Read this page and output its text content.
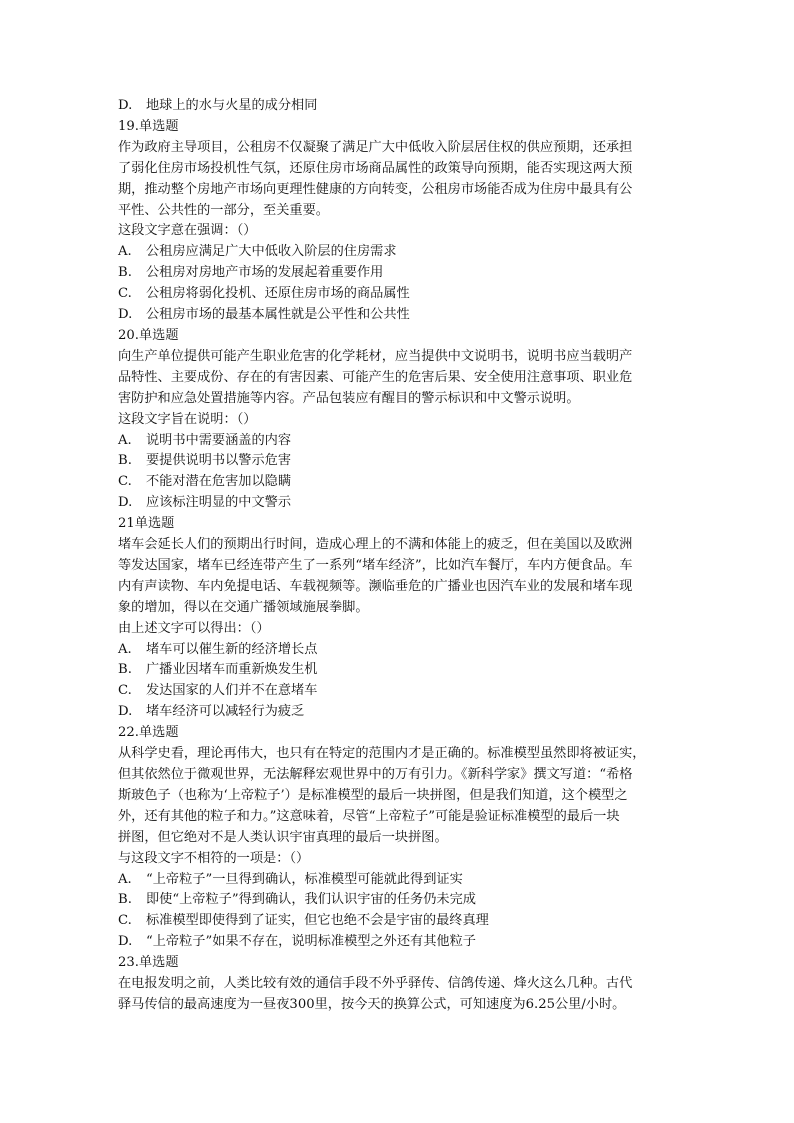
D.	地球上的水与火星的成分相同
19.单选题
作为政府主导项目，公租房不仅凝聚了满足广大中低收入阶层居住权的供应预期，还承担
了弱化住房市场投机性气氛，还原住房市场商品属性的政策导向预期，能否实现这两大预
期，推动整个房地产市场向更理性健康的方向转变，公租房市场能否成为住房中最具有公
平性、公共性的一部分，至关重要。
这段文字意在强调：（）
A.	公租房应满足广大中低收入阶层的住房需求
B.	公租房对房地产市场的发展起着重要作用
C.	公租房将弱化投机、还原住房市场的商品属性
D.	公租房市场的最基本属性就是公平性和公共性
20.单选题
向生产单位提供可能产生职业危害的化学耗材，应当提供中文说明书，说明书应当载明产
品特性、主要成份、存在的有害因素、可能产生的危害后果、安全使用注意事项、职业危
害防护和应急处置措施等内容。产品包装应有醒目的警示标识和中文警示说明。
这段文字旨在说明：（）
A.	说明书中需要涵盖的内容
B.	要提供说明书以警示危害
C.	不能对潜在危害加以隐瞒
D.	应该标注明显的中文警示
21单选题
堵车会延长人们的预期出行时间，造成心理上的不满和体能上的疲乏，但在美国以及欧洲
等发达国家，堵车已经连带产生了一系列“堵车经济”，比如汽车餐厅，车内方便食品。车
内有声读物、车内免提电话、车载视频等。濒临垂危的广播业也因汽车业的发展和堵车现
象的增加，得以在交通广播领域施展拳脚。
由上述文字可以得出：（）
A.	堵车可以催生新的经济增长点
B.	广播业因堵车而重新焕发生机
C.	发达国家的人们并不在意堵车
D.	堵车经济可以减轻行为疲乏
22.单选题
从科学史看，理论再伟大，也只有在特定的范围内才是正确的。标准模型虽然即将被证实，
但其依然位于微观世界，无法解释宏观世界中的万有引力。《新科学家》撰文写道：“希格
斯玻色子（也称为‘上帝粒子’）是标准模型的最后一块拼图，但是我们知道，这个模型之
外，还有其他的粒子和力。”这意味着，尽管“上帝粒子”可能是验证标准模型的最后一块
拼图，但它绝对不是人类认识宇宙真理的最后一块拼图。
与这段文字不相符的一项是：（）
A.	“上帝粒子”一旦得到确认，标准模型可能就此得到证实
B.	即使“上帝粒子”得到确认，我们认识宇宙的任务仍未完成
C.	标准模型即使得到了证实，但它也绝不会是宇宙的最终真理
D.	“上帝粒子”如果不存在，说明标准模型之外还有其他粒子
23.单选题
在电报发明之前，人类比较有效的通信手段不外乎驿传、信鸽传递、烽火这么几种。古代
驿马传信的最高速度为一昼夜300里，按今天的换算公式，可知速度为6.25公里/小时。
